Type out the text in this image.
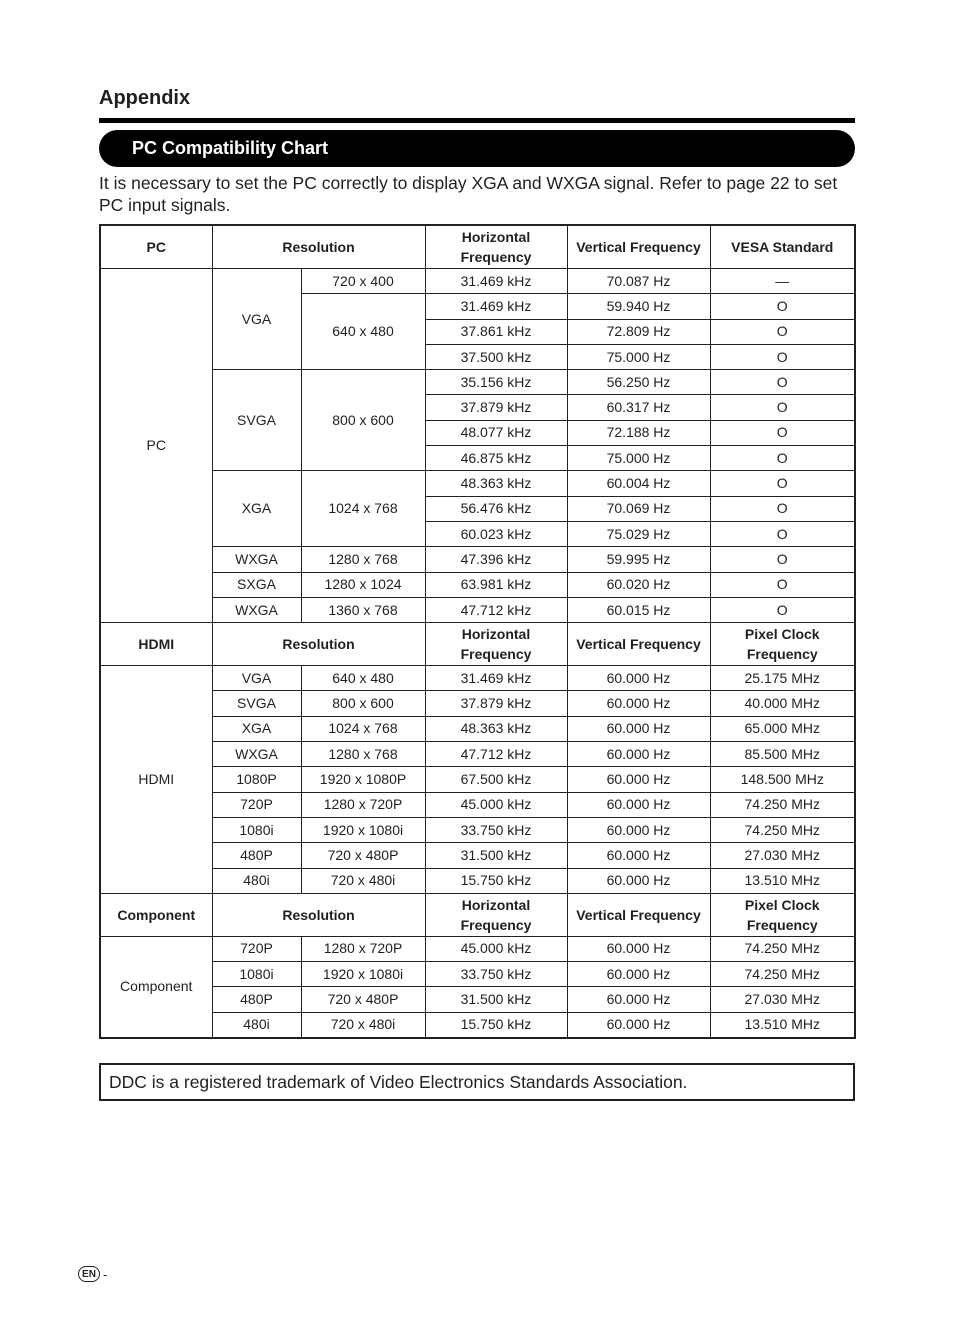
Appendix
PC Compatibility Chart

It is necessary to set the PC correctly to display XGA and WXGA signal. Refer to page 22 to set PC input signals.

PC	Resolution		Horizontal Frequency	Vertical Frequency	VESA Standard
PC	VGA	720 x 400	31.469 kHz	70.087 Hz	—
		640 x 480	31.469 kHz	59.940 Hz	O
			37.861 kHz	72.809 Hz	O
			37.500 kHz	75.000 Hz	O
	SVGA	800 x 600	35.156 kHz	56.250 Hz	O
			37.879 kHz	60.317 Hz	O
			48.077 kHz	72.188 Hz	O
			46.875 kHz	75.000 Hz	O
	XGA	1024 x 768	48.363 kHz	60.004 Hz	O
			56.476 kHz	70.069 Hz	O
			60.023 kHz	75.029 Hz	O
	WXGA	1280 x 768	47.396 kHz	59.995 Hz	O
	SXGA	1280 x 1024	63.981 kHz	60.020 Hz	O
	WXGA	1360 x 768	47.712 kHz	60.015 Hz	O
HDMI	Resolution		Horizontal Frequency	Vertical Frequency	Pixel Clock Frequency
HDMI	VGA	640 x 480	31.469 kHz	60.000 Hz	25.175 MHz
	SVGA	800 x 600	37.879 kHz	60.000 Hz	40.000 MHz
	XGA	1024 x 768	48.363 kHz	60.000 Hz	65.000 MHz
	WXGA	1280 x 768	47.712 kHz	60.000 Hz	85.500 MHz
	1080P	1920 x 1080P	67.500 kHz	60.000 Hz	148.500 MHz
	720P	1280 x 720P	45.000 kHz	60.000 Hz	74.250 MHz
	1080i	1920 x 1080i	33.750 kHz	60.000 Hz	74.250 MHz
	480P	720 x 480P	31.500 kHz	60.000 Hz	27.030 MHz
	480i	720 x 480i	15.750 kHz	60.000 Hz	13.510 MHz
Component	Resolution		Horizontal Frequency	Vertical Frequency	Pixel Clock Frequency
Component	720P	1280 x 720P	45.000 kHz	60.000 Hz	74.250 MHz
	1080i	1920 x 1080i	33.750 kHz	60.000 Hz	74.250 MHz
	480P	720 x 480P	31.500 kHz	60.000 Hz	27.030 MHz
	480i	720 x 480i	15.750 kHz	60.000 Hz	13.510 MHz

DDC is a registered trademark of Video Electronics Standards Association.

EN -
